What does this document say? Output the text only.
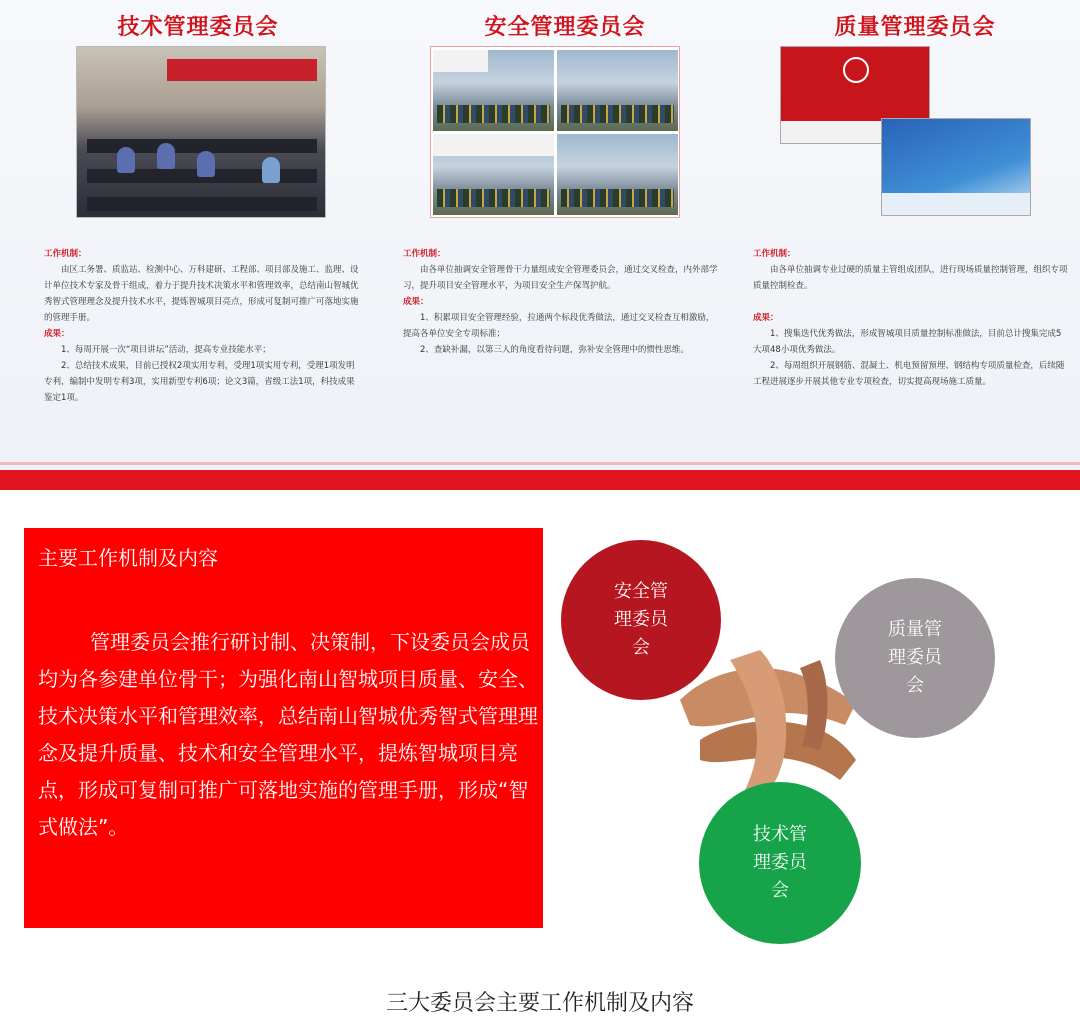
技术管理委员会
工作机制：
由区工务署、质监站、检测中心、万科建研、工程部、项目部及施工、监理、设计单位技术专家及骨干组成，着力于提升技术决策水平和管理效率，总结南山智城优秀智式管理理念及提升技术水平，提炼智城项目亮点，形成可复制可推广可落地实施的管理手册。
成果：
1、每周开展一次“项目讲坛”活动，提高专业技能水平；
2、总结技术成果，目前已授权2项实用专利，受理1项实用专利，受理1项发明专利，编制中发明专利3项，实用新型专利6项；论文3篇，省级工法1项，科技成果鉴定1项。
安全管理委员会
工作机制：
由各单位抽调安全管理骨干力量组成安全管理委员会，通过交叉检查，内外部学习，提升项目安全管理水平，为项目安全生产保驾护航。
成果：
1、积累项目安全管理经验，拉通两个标段优秀做法，通过交叉检查互相激励，提高各单位安全专项标准；
2、查缺补漏，以第三人的角度看待问题，弥补安全管理中的惯性思维。
质量管理委员会
工作机制：
由各单位抽调专业过硬的质量主管组成团队，进行现场质量控制管理，组织专项质量控制检查。
成果：
1、搜集迭代优秀做法，形成智城项目质量控制标准做法，目前总计搜集完成5大项48小项优秀做法。
2、每周组织开展钢筋、混凝土、机电预留预埋、钢结构专项质量检查，后续随工程进展逐步开展其他专业专项检查，切实提高现场施工质量。
主要工作机制及内容
管理委员会推行研讨制、决策制，下设委员会成员均为各参建单位骨干；为强化南山智城项目质量、安全、技术决策水平和管理效率，总结南山智城优秀智式管理理念及提升质量、技术和安全管理水平，提炼智城项目亮点，形成可复制可推广可落地实施的管理手册，形成“智式做法”。
安全管理委员会
质量管理委员会
技术管理委员会
三大委员会主要工作机制及内容
